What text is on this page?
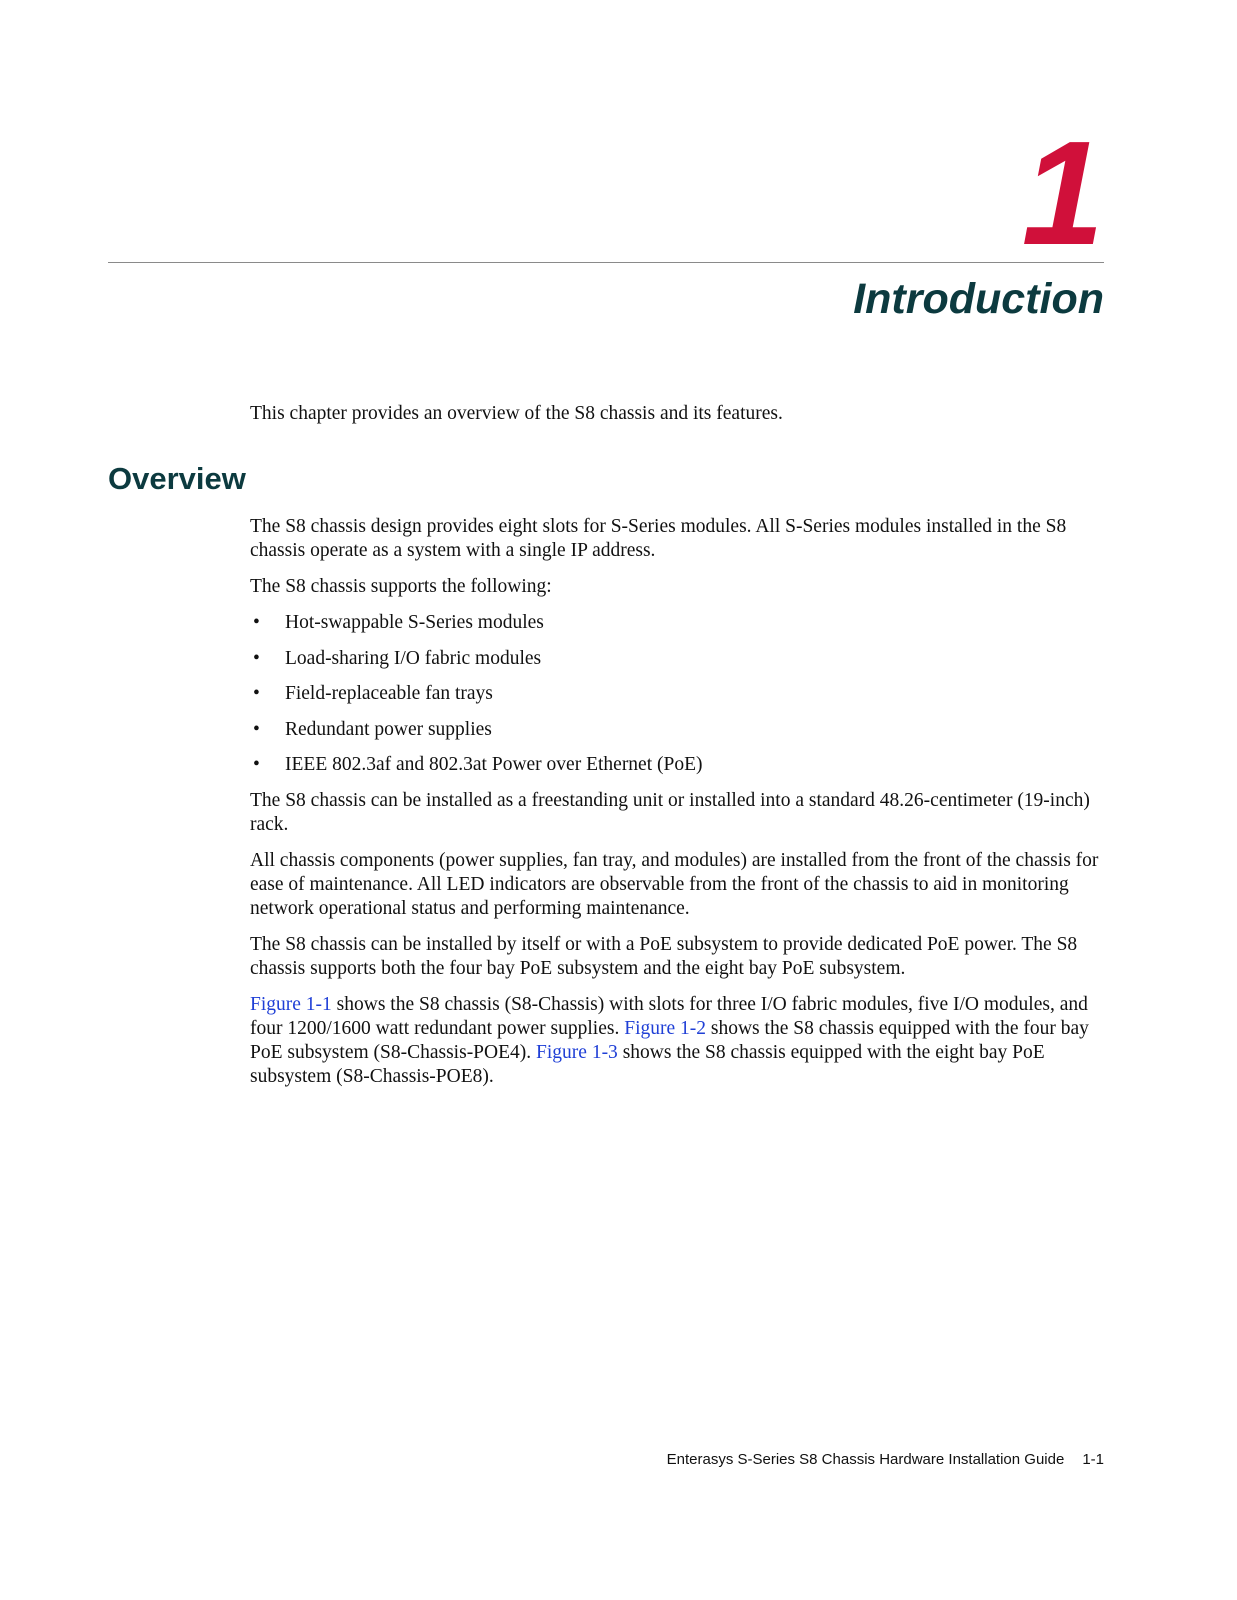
1
Introduction

This chapter provides an overview of the S8 chassis and its features.

Overview

The S8 chassis design provides eight slots for S-Series modules. All S-Series modules installed in the S8 chassis operate as a system with a single IP address.

The S8 chassis supports the following:

• Hot-swappable S-Series modules
• Load-sharing I/O fabric modules
• Field-replaceable fan trays
• Redundant power supplies
• IEEE 802.3af and 802.3at Power over Ethernet (PoE)

The S8 chassis can be installed as a freestanding unit or installed into a standard 48.26-centimeter (19-inch) rack.

All chassis components (power supplies, fan tray, and modules) are installed from the front of the chassis for ease of maintenance. All LED indicators are observable from the front of the chassis to aid in monitoring network operational status and performing maintenance.

The S8 chassis can be installed by itself or with a PoE subsystem to provide dedicated PoE power. The S8 chassis supports both the four bay PoE subsystem and the eight bay PoE subsystem.

Figure 1-1 shows the S8 chassis (S8-Chassis) with slots for three I/O fabric modules, five I/O modules, and four 1200/1600 watt redundant power supplies. Figure 1-2 shows the S8 chassis equipped with the four bay PoE subsystem (S8-Chassis-POE4). Figure 1-3 shows the S8 chassis equipped with the eight bay PoE subsystem (S8-Chassis-POE8).

Enterasys S-Series S8 Chassis Hardware Installation Guide 1-1
